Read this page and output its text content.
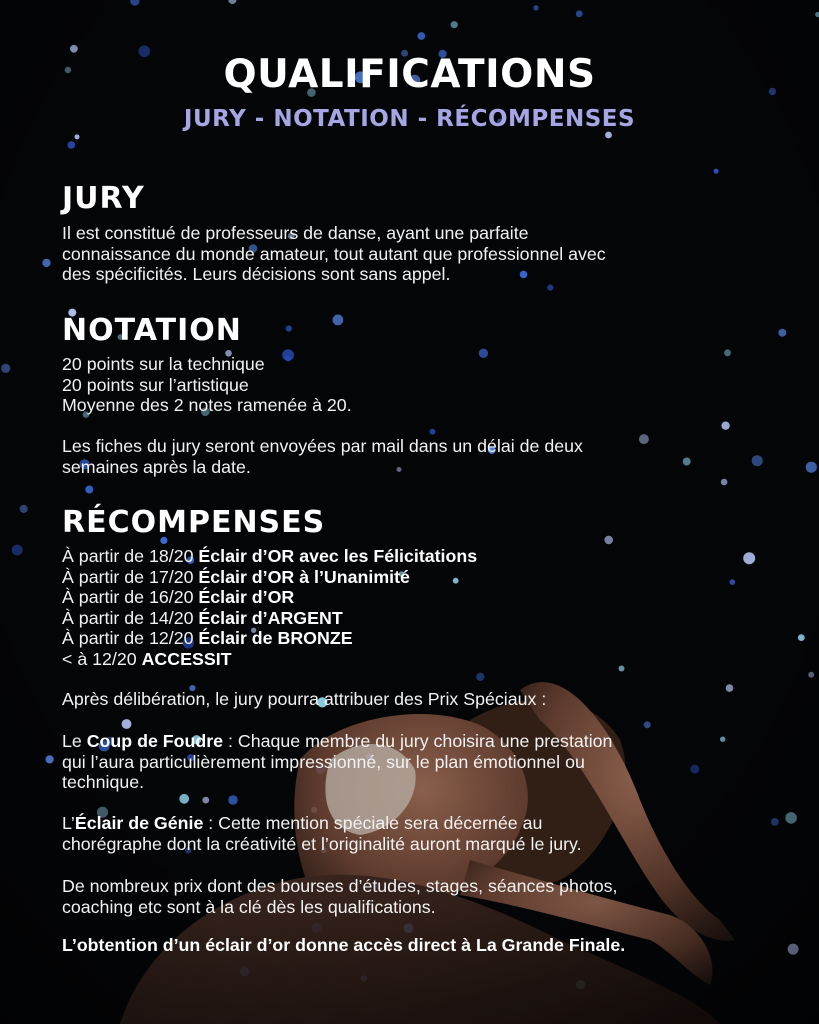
QUALIFICATIONS
JURY - NOTATION - RÉCOMPENSES
JURY

Il est constitué de professeurs de danse, ayant une parfaite

connaissance du monde amateur, tout autant que professionnel avec

des spécificités. Leurs décisions sont sans appel.

NOTATION

20 points sur la technique

20 points sur l’artistique

Moyenne des 2 notes ramenée à 20.

Les fiches du jury seront envoyées par mail dans un délai de deux

semaines après la date.

RÉCOMPENSES

À partir de 18/20 Éclair d’OR avec les Félicitations

À partir de 17/20 Éclair d’OR à l’Unanimité

À partir de 16/20 Éclair d’OR

À partir de 14/20 Éclair d’ARGENT

À partir de 12/20 Éclair de BRONZE

< à 12/20 ACCESSIT

Après délibération, le jury pourra attribuer des Prix Spéciaux :

Le Coup de Foudre : Chaque membre du jury choisira une prestation

qui l’aura particulièrement impressionné, sur le plan émotionnel ou

technique.

L’Éclair de Génie : Cette mention spéciale sera décernée au

chorégraphe dont la créativité et l’originalité auront marqué le jury.

De nombreux prix dont des bourses d’études, stages, séances photos,

coaching etc sont à la clé dès les qualifications.

L’obtention d’un éclair d’or donne accès direct à La Grande Finale.
